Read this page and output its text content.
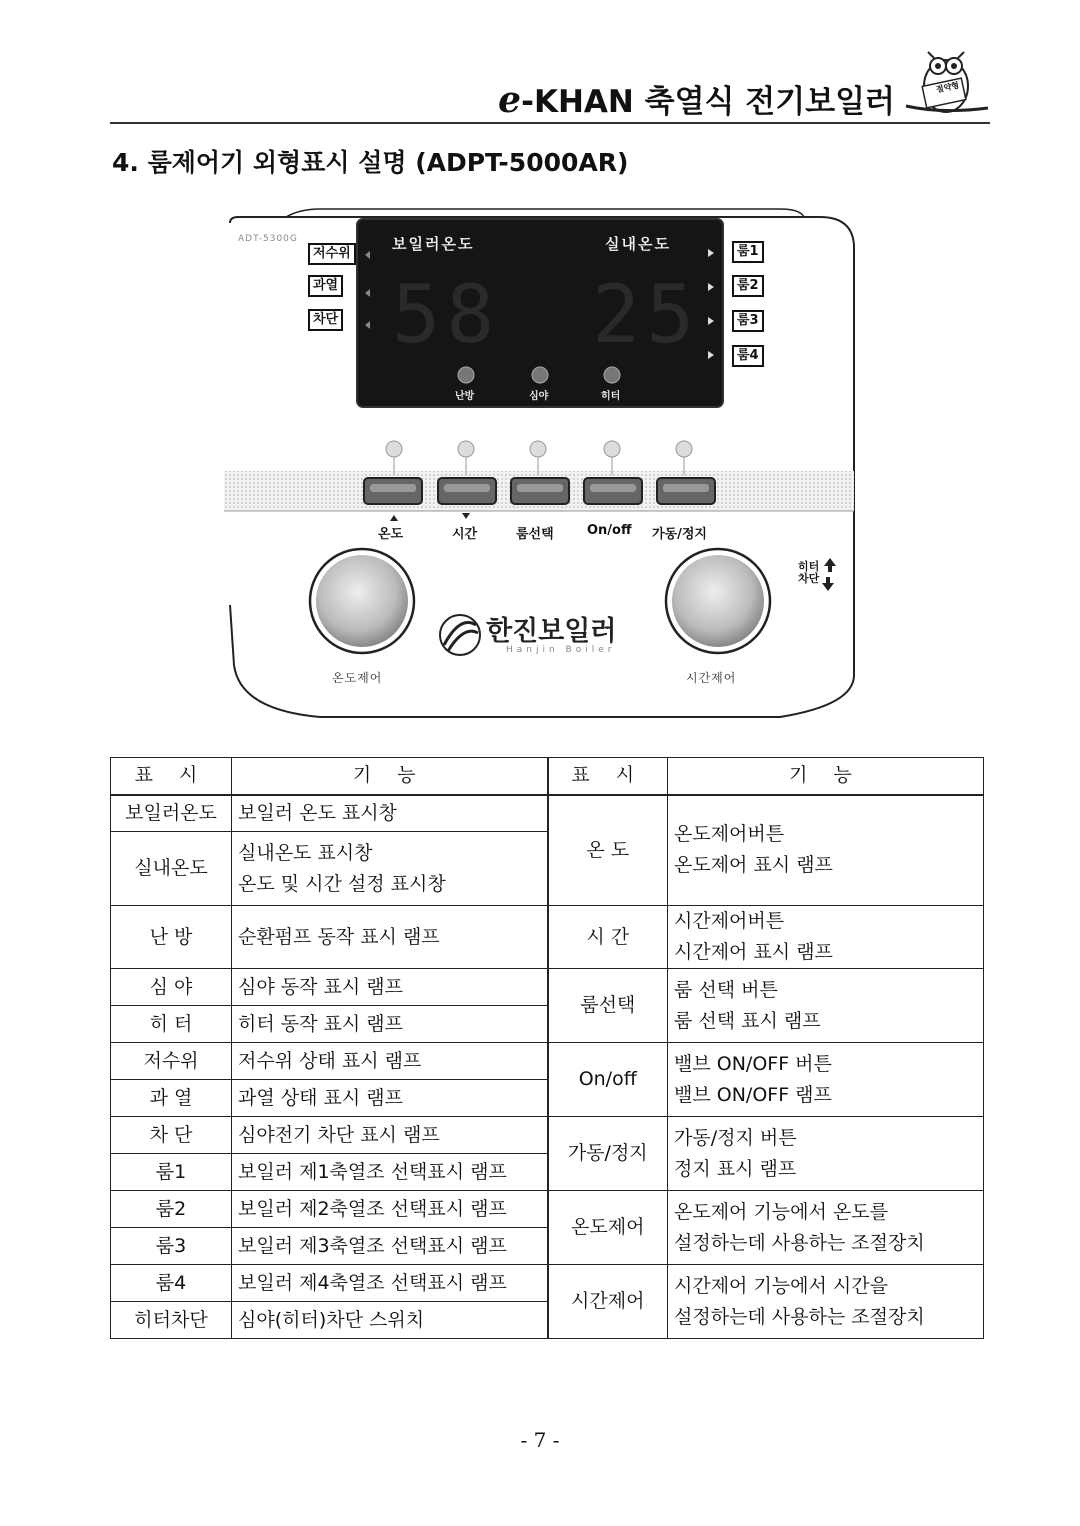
e-KHAN 축열식 전기보일러	절약형
4. 룸제어기 외형표시 설명 (ADPT-5000AR)
ADT-5300G
저수위
과열
차단
룸1
룸2
룸3
룸4
보일러온도	실내온도
58 25
난방	심야	히터
온도	시간	룸선택	On/off 가동/정지
히터
차단
한진보일러
Hanjin Boiler
온도제어	시간제어
표 시	기 능	표 시	기 능
보일러온도	보일러 온도 표시창	온 도	온도제어버튼
온도제어 표시 램프

실내온도	실내온도 표시창
온도 및 시간 설정 표시창		

난 방	순환펌프 동작 표시 램프	시 간	시간제어버튼
시간제어 표시 램프

심 야	심야 동작 표시 램프	룸선택	룸 선택 버튼
룸 선택 표시 램프

히 터	히터 동작 표시 램프		
저수위	저수위 상태 표시 램프	On/off	밸브 ON/OFF 버튼
밸브 ON/OFF 램프

과 열	과열 상태 표시 램프		
차 단	심야전기 차단 표시 램프	가동/정지	가동/정지 버튼
정지 표시 램프

룸1	보일러 제1축열조 선택표시 램프		
룸2	보일러 제2축열조 선택표시 램프	온도제어	온도제어 기능에서 온도를
설정하는데 사용하는 조절장치

룸3	보일러 제3축열조 선택표시 램프		
룸4	보일러 제4축열조 선택표시 램프	시간제어	시간제어 기능에서 시간을
설정하는데 사용하는 조절장치

히터차단	심야(히터)차단 스위치		
- 7 -
